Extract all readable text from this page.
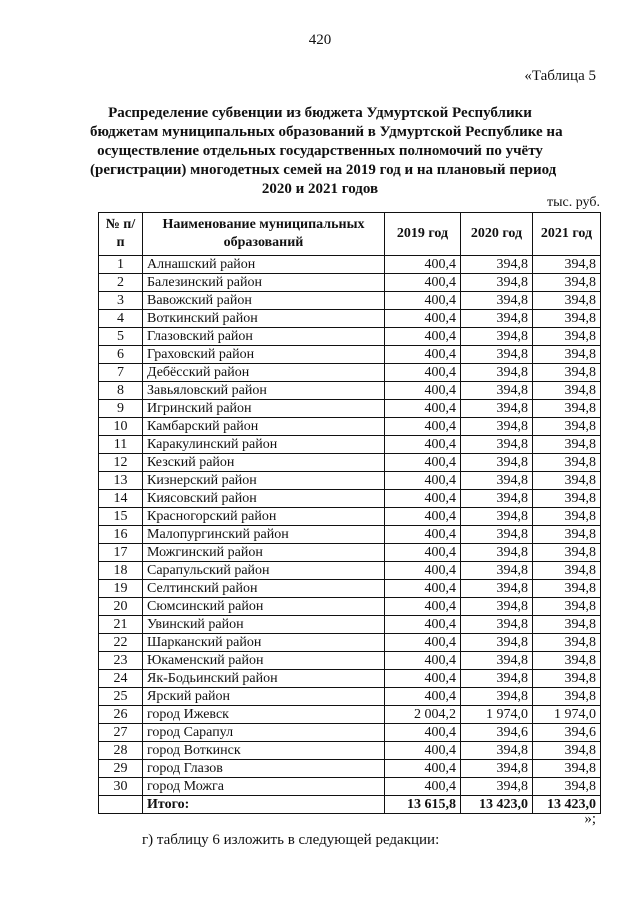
420
«Таблица 5
Распределение субвенции из бюджета Удмуртской Республики
бюджетам муниципальных образований в Удмуртской Республике на
осуществление отдельных государственных полномочий по учёту
(регистрации) многодетных семей на 2019 год и на плановый период
2020 и 2021 годов
тыс. руб.
№ п/п	Наименование муниципальных образований	2019 год	2020 год	2021 год
1	Алнашский район	400,4	394,8	394,8
2	Балезинский район	400,4	394,8	394,8
3	Вавожский район	400,4	394,8	394,8
4	Воткинский район	400,4	394,8	394,8
5	Глазовский район	400,4	394,8	394,8
6	Граховский район	400,4	394,8	394,8
7	Дебёсский район	400,4	394,8	394,8
8	Завьяловский район	400,4	394,8	394,8
9	Игринский район	400,4	394,8	394,8
10	Камбарский район	400,4	394,8	394,8
11	Каракулинский район	400,4	394,8	394,8
12	Кезский район	400,4	394,8	394,8
13	Кизнерский район	400,4	394,8	394,8
14	Киясовский район	400,4	394,8	394,8
15	Красногорский район	400,4	394,8	394,8
16	Малопургинский район	400,4	394,8	394,8
17	Можгинский район	400,4	394,8	394,8
18	Сарапульский район	400,4	394,8	394,8
19	Селтинский район	400,4	394,8	394,8
20	Сюмсинский район	400,4	394,8	394,8
21	Увинский район	400,4	394,8	394,8
22	Шарканский район	400,4	394,8	394,8
23	Юкаменский район	400,4	394,8	394,8
24	Як-Бодьинский район	400,4	394,8	394,8
25	Ярский район	400,4	394,8	394,8
26	город Ижевск	2 004,2	1 974,0	1 974,0
27	город Сарапул	400,4	394,6	394,6
28	город Воткинск	400,4	394,8	394,8
29	город Глазов	400,4	394,8	394,8
30	город Можга	400,4	394,8	394,8
	Итого:	13 615,8	13 423,0	13 423,0
»;
г) таблицу 6 изложить в следующей редакции:
